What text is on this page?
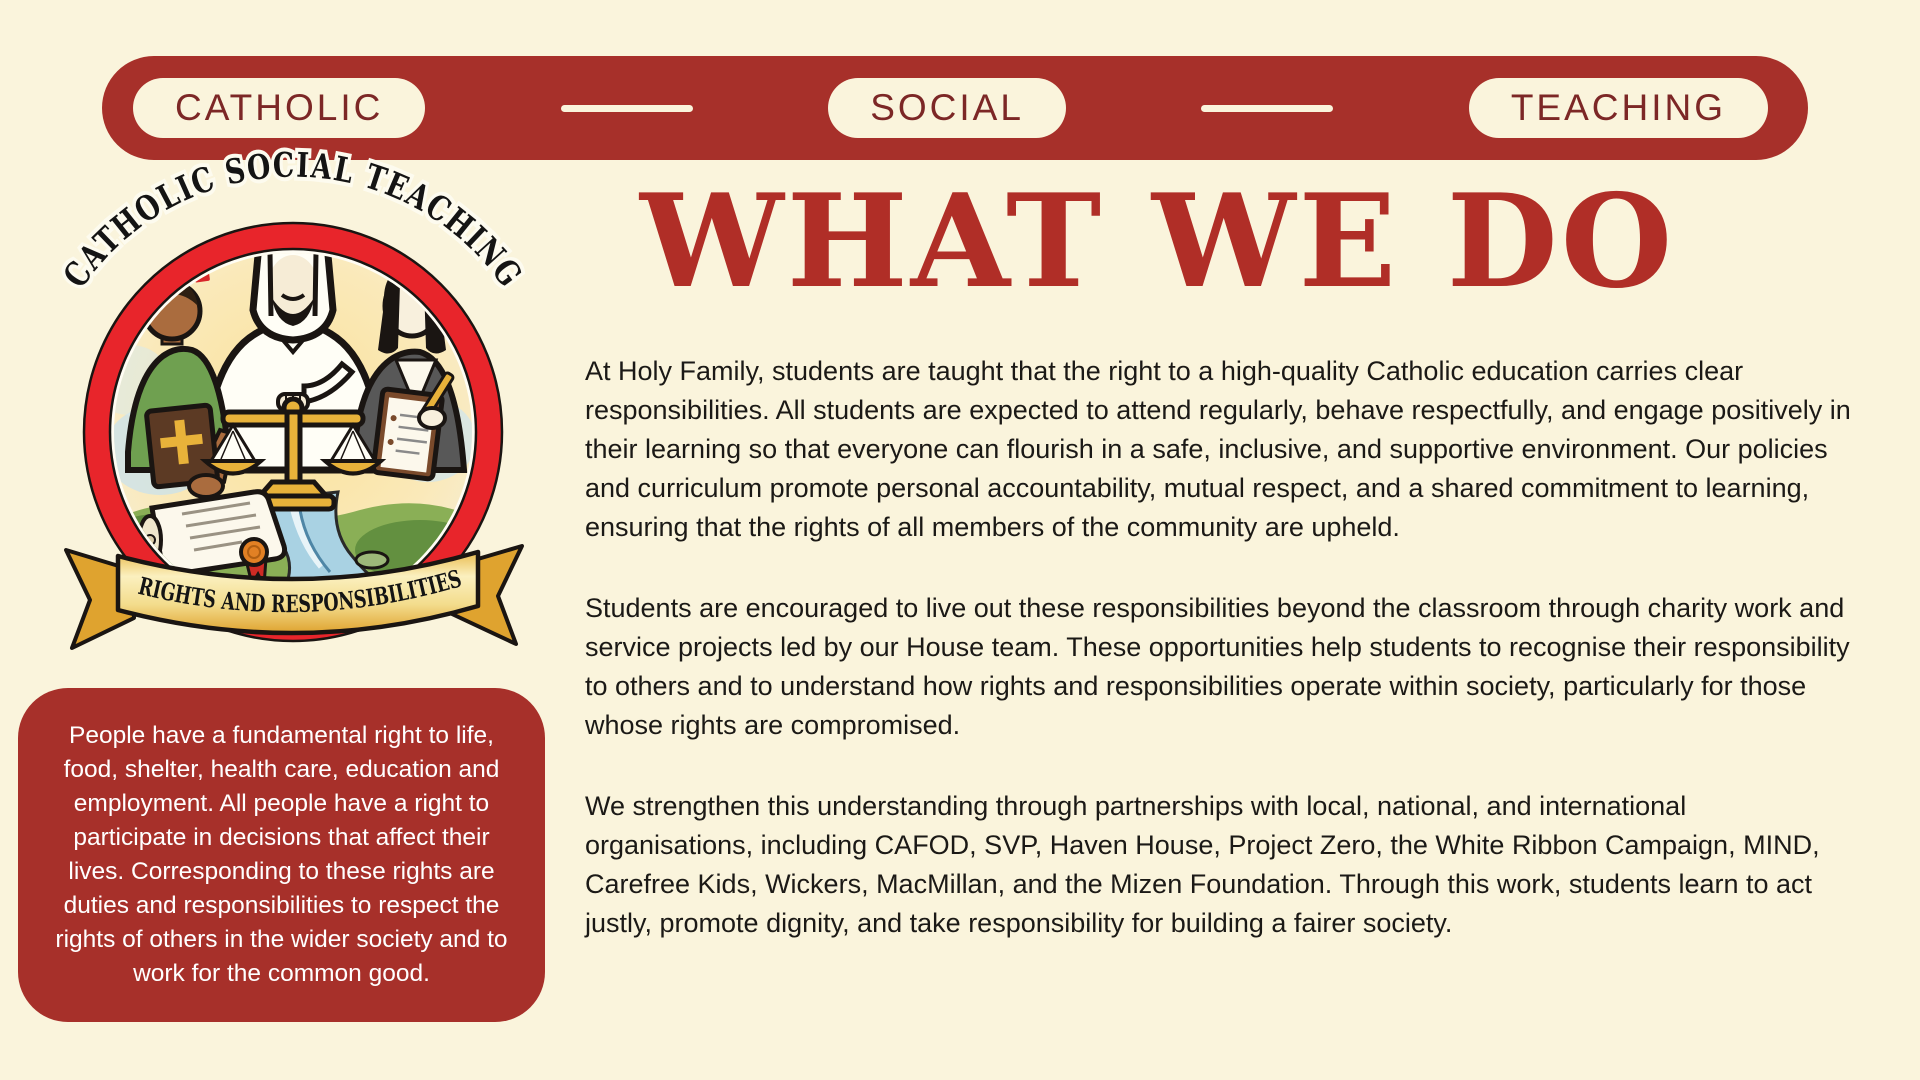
CATHOLIC	SOCIAL	TEACHING
CATHOLIC SOCIAL TEACHING
RIGHTS AND RESPONSIBILITIES

People have a fundamental right to life, food, shelter, health care, education and employment. All people have a right to participate in decisions that affect their lives. Corresponding to these rights are duties and responsibilities to respect the rights of others in the wider society and to work for the common good.

WHAT WE DO

At Holy Family, students are taught that the right to a high-quality Catholic education carries clear responsibilities. All students are expected to attend regularly, behave respectfully, and engage positively in their learning so that everyone can flourish in a safe, inclusive, and supportive environment. Our policies and curriculum promote personal accountability, mutual respect, and a shared commitment to learning, ensuring that the rights of all members of the community are upheld.

Students are encouraged to live out these responsibilities beyond the classroom through charity work and service projects led by our House team. These opportunities help students to recognise their responsibility to others and to understand how rights and responsibilities operate within society, particularly for those whose rights are compromised.

We strengthen this understanding through partnerships with local, national, and international organisations, including CAFOD, SVP, Haven House, Project Zero, the White Ribbon Campaign, MIND, Carefree Kids, Wickers, MacMillan, and the Mizen Foundation. Through this work, students learn to act justly, promote dignity, and take responsibility for building a fairer society.
